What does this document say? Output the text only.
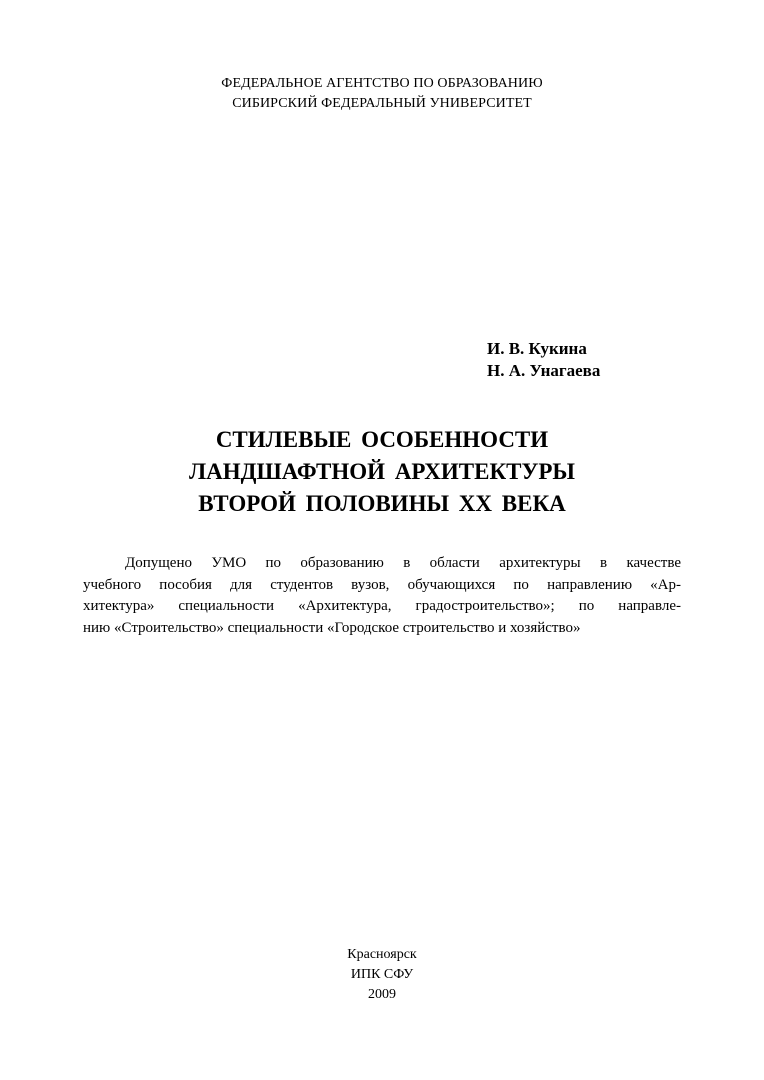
ФЕДЕРАЛЬНОЕ АГЕНТСТВО ПО ОБРАЗОВАНИЮ
СИБИРСКИЙ ФЕДЕРАЛЬНЫЙ УНИВЕРСИТЕТ
И. В. Кукина
Н. А. Унагаева
СТИЛЕВЫЕ ОСОБЕННОСТИ
ЛАНДШАФТНОЙ АРХИТЕКТУРЫ
ВТОРОЙ ПОЛОВИНЫ XX ВЕКА
Допущено УМО по образованию в области архитектуры в качестве
учебного пособия для студентов вузов, обучающихся по направлению «Ар-
хитектура» специальности «Архитектура, градостроительство»; по направле-
нию «Строительство» специальности «Городское строительство и хозяйство»
Красноярск
ИПК СФУ
2009
